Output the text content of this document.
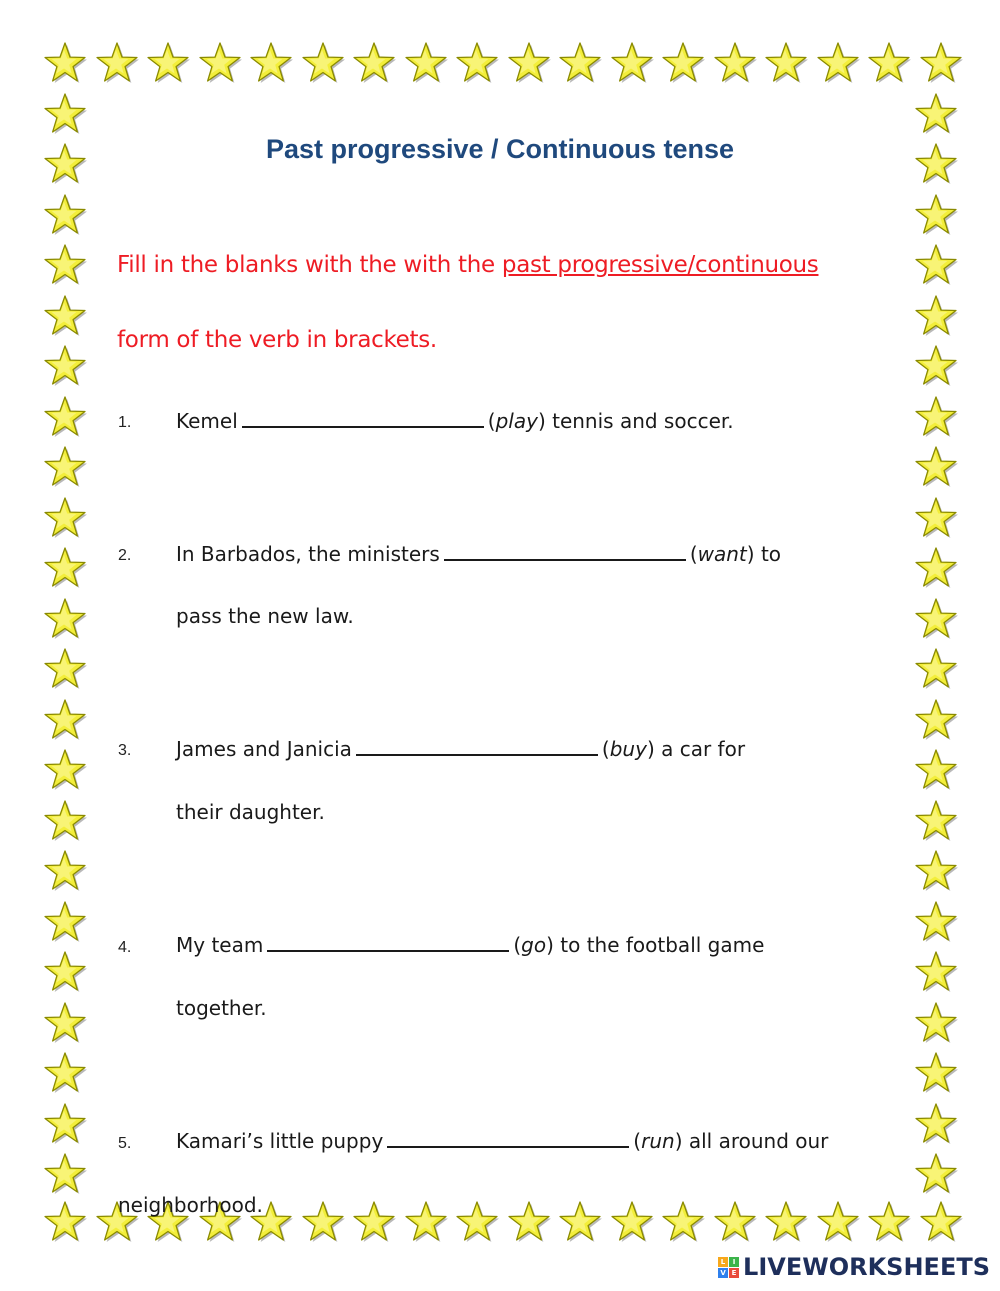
Past progressive / Continuous tense

Fill in the blanks with the with the past progressive/continuous

form of the verb in brackets.

1. Kemel	(play) tennis and soccer.

2. In Barbados, the ministers	(want) to

pass the new law.

3. James and Janicia	(buy) a car for

their daughter.

4. My team	(go) to the football game

together.

5. Kamari’s little puppy	(run) all around our

neighborhood.

L	I
V E LIVEWORKSHEETS
